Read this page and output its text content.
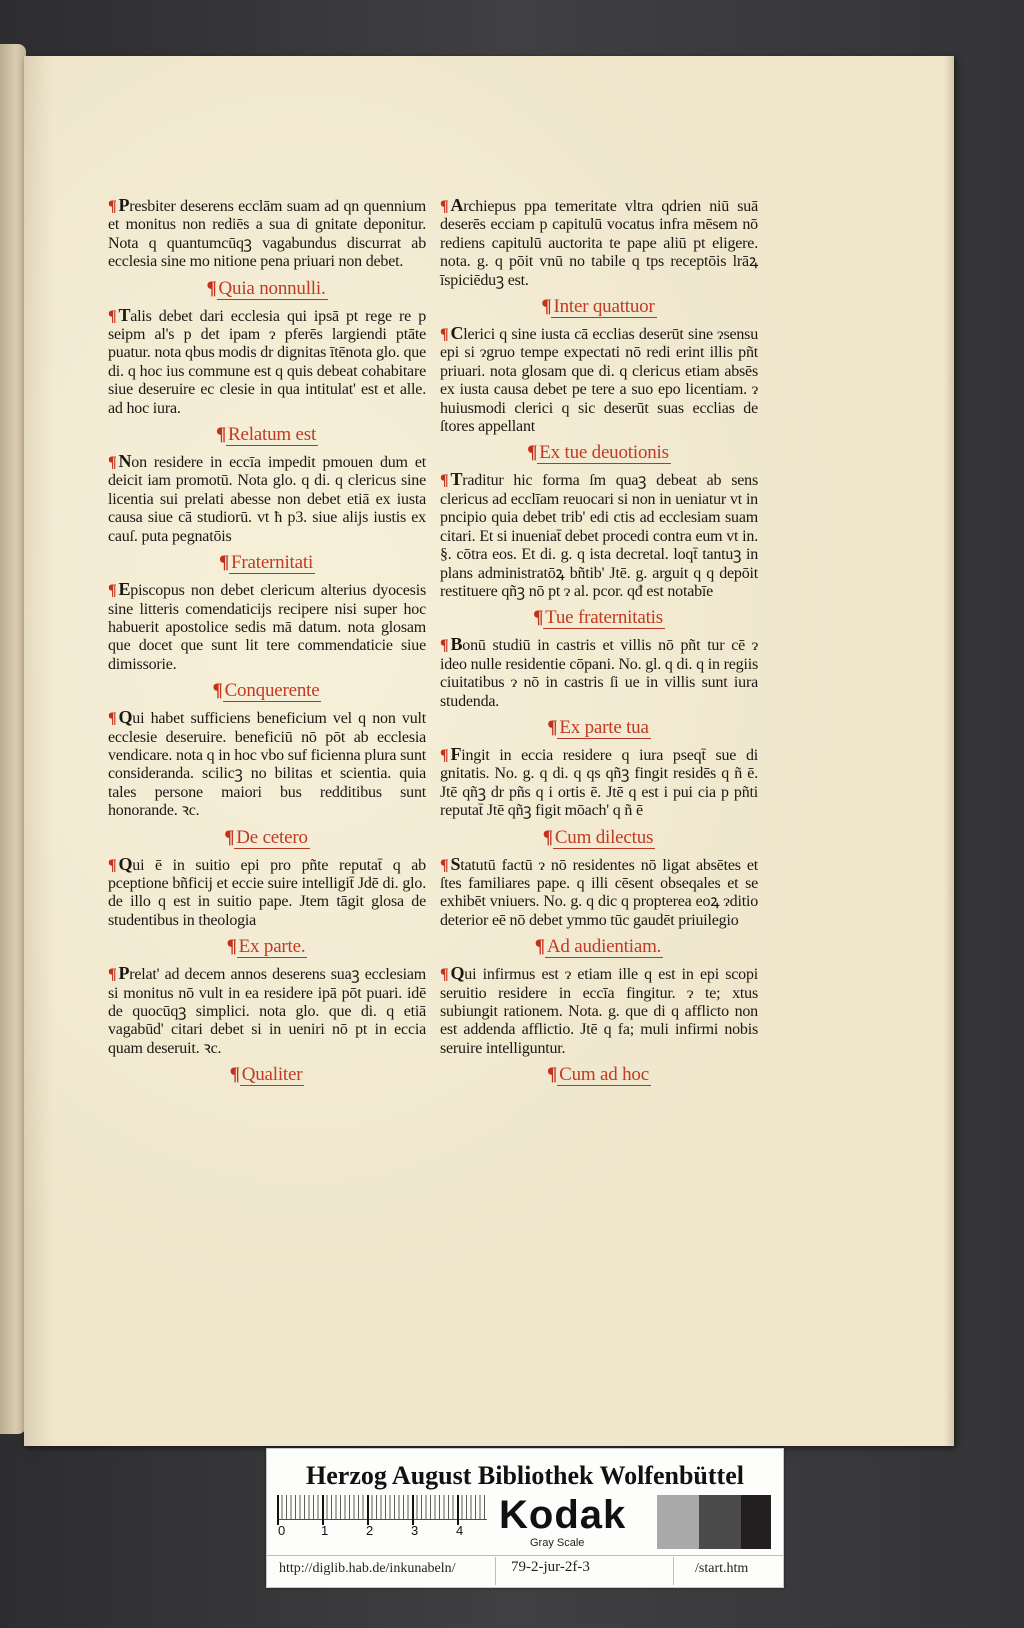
¶ Presbiter deserens ecclām suam ad qn quennium et monitus non rediēs a sua di gnitate deponitur. Nota q quantumcūqꝫ vagabundus discurrat ab ecclesia sine mo nitione pena priuari non debet.

¶ Quia nonnulli.

¶ Talis debet dari ecclesia qui ipsā pt rege re p seipm al's p det ipam ɂ pferēs largiendi ptāte puatur. nota qbus modis dr dignitas ītēnota glo. que di. q hoc ius commune est q quis debeat cohabitare siue deseruire ec clesie in qua intitulat' est et alle. ad hoc iura.

¶ Relatum est

¶ Non residere in eccīa impedit pmouen dum et deicit iam promotū. Nota glo. q di. q clericus sine licentia sui prelati abesse non debet etiā ex iusta causa siue cā studiorū. vt ħ p3. siue alijs iustis ex cauſ. puta pegnatōis

¶ Fraternitati

¶ Episcopus non debet clericum alterius dyocesis sine litteris comendaticijs recipere nisi super hoc habuerit apostolice sedis mā datum. nota glosam que docet que sunt lit tere commendaticie siue dimissorie.

¶ Conquerente

¶ Qui habet sufficiens beneficium vel q non vult ecclesie deseruire. beneficiū nō pōt ab ecclesia vendicare. nota q in hoc vbo suf ficienna plura sunt consideranda. scilicꝫ no bilitas et scientia. quia tales persone maiori bus redditibus sunt honorande. ꝛc.

¶ De cetero

¶ Qui ē in suitio epi pro pñte reputat̄ q ab pceptione bñficij et eccie suire intelligit̄ Jdē di. glo. de illo q est in suitio pape. Jtem tāgit glosa de studentibus in theologia

¶ Ex parte.

¶ Prelat' ad decem annos deserens suaꝫ ecclesiam si monitus nō vult in ea residere ipā pōt puari. idē de quocūqꝫ simplici. nota glo. que di. q etiā vagabūd' citari debet si in ueniri nō pt in eccia quam deseruit. ꝛc.

¶ Qualiter

¶ Archiepus ppa temeritate vltra qdrien niū suā deserēs ecciam p capitulū vocatus infra mēsem nō rediens capitulū auctorita te pape aliū pt eligere. nota. g. q pōit vnū no tabile q tps receptōis lrāꝝ īspiciēduꝫ est.

¶ Inter quattuor

¶ Clerici q sine iusta cā ecclias deserūt sine ɂsensu epi si ɂgruo tempe expectati nō redi erint illis pñt priuari. nota glosam que di. q clericus etiam absēs ex iusta causa debet pe tere a suo epo licentiam. ɂ huiusmodi clerici q sic deserūt suas ecclias de ſtores appellant

¶ Ex tue deuotionis

¶ Traditur hic forma ſm quaꝫ debeat ab sens clericus ad ecclīam reuocari si non in ueniatur vt in pncipio quia debet trib' edi ctis ad ecclesiam suam citari. Et si inueniat̄ debet procedi contra eum vt in. §. cōtra eos. Et di. g. q ista decretal. loqt̄ tantuꝫ in plans administratōꝝ bñtib' Jtē. g. arguit q q depōit restituere qñꝫ nō pt ɂ al. pcor. qđ est notabīe

¶ Tue fraternitatis

¶ Bonū studiū in castris et villis nō pñt tur cē ɂ ideo nulle residentie cōpani. No. gl. q di. q in regiis ciuitatibus ɂ nō in castris ſi ue in villis sunt iura studenda.

¶ Ex parte tua

¶ Fingit in eccia residere q iura pseqt̄ sue di gnitatis. No. g. q di. q qs qñꝫ fingit residēs q ñ ē. Jtē qñꝫ dr pñs q i ortis ē. Jtē q est i pui cia p pñti reputat̄ Jtē qñꝫ figit mōach' q ñ ē

¶ Cum dilectus

¶ Statutū factū ɂ nō residentes nō ligat absētes et ſtes familiares pape. q illi cēsent obseqales et se exhibēt vniuers. No. g. q dic q propterea eoꝝ ɂditio deterior eē nō debet ymmo tūc gaudēt priuilegio

¶ Ad audientiam.

¶ Qui infirmus est ɂ etiam ille q est in epi scopi seruitio residere in eccīa fingitur. ɂ te; xtus subiungit rationem. Nota. g. que di q afflicto non est addenda afflictio. Jtē q fa; muli infirmi nobis seruire intelliguntur.

¶ Cum ad hoc
Herzog August Bibliothek Wolfenbüttel
0	1	2	3	4 Kodak
Gray Scale
http://diglib.hab.de/inkunabeln/	79-2-jur-2f-3	/start.htm
